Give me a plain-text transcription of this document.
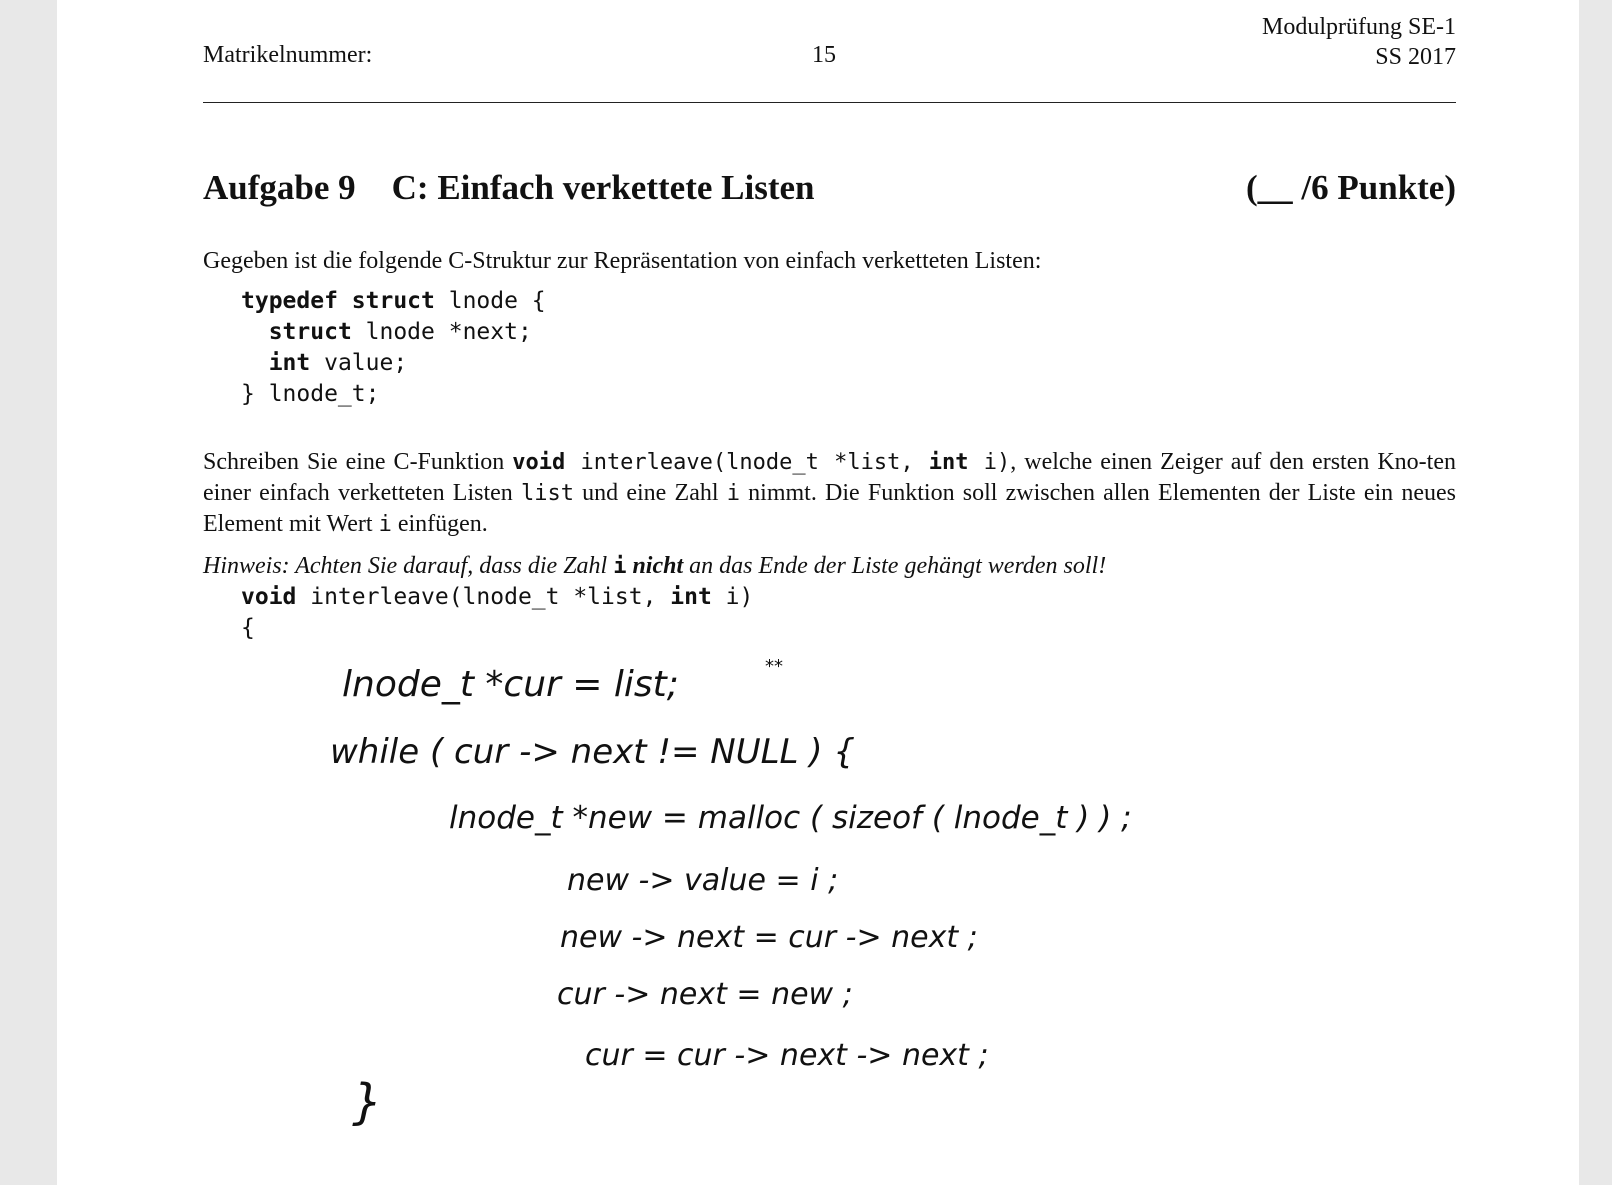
Matrikelnummer:	15
Modulprüfung SE-1
SS 2017
Aufgabe 9 C: Einfach verkettete Listen	(__ /6 Punkte)
Gegeben ist die folgende C-Struktur zur Repräsentation von einfach verketteten Listen:
typedef struct lnode {
struct lnode *next;
int value;
} lnode_t;
Schreiben Sie eine C-Funktion void interleave(lnode_t *list, int i), welche einen Zeiger auf den ersten Kno-ten einer einfach verketteten Listen list und eine Zahl i nimmt. Die Funktion soll zwischen allen Elementen der Liste ein neues Element mit Wert i einfügen.
Hinweis: Achten Sie darauf, dass die Zahl i nicht an das Ende der Liste gehängt werden soll!
void interleave(lnode_t *list, int i)
{
lnode_t *cur = list;	**
while ( cur -> next != NULL ) {
lnode_t *new = malloc ( sizeof ( lnode_t ) ) ;
new -> value = i ;
new -> next = cur -> next ;
cur -> next = new ;
cur = cur -> next -> next ;
}
